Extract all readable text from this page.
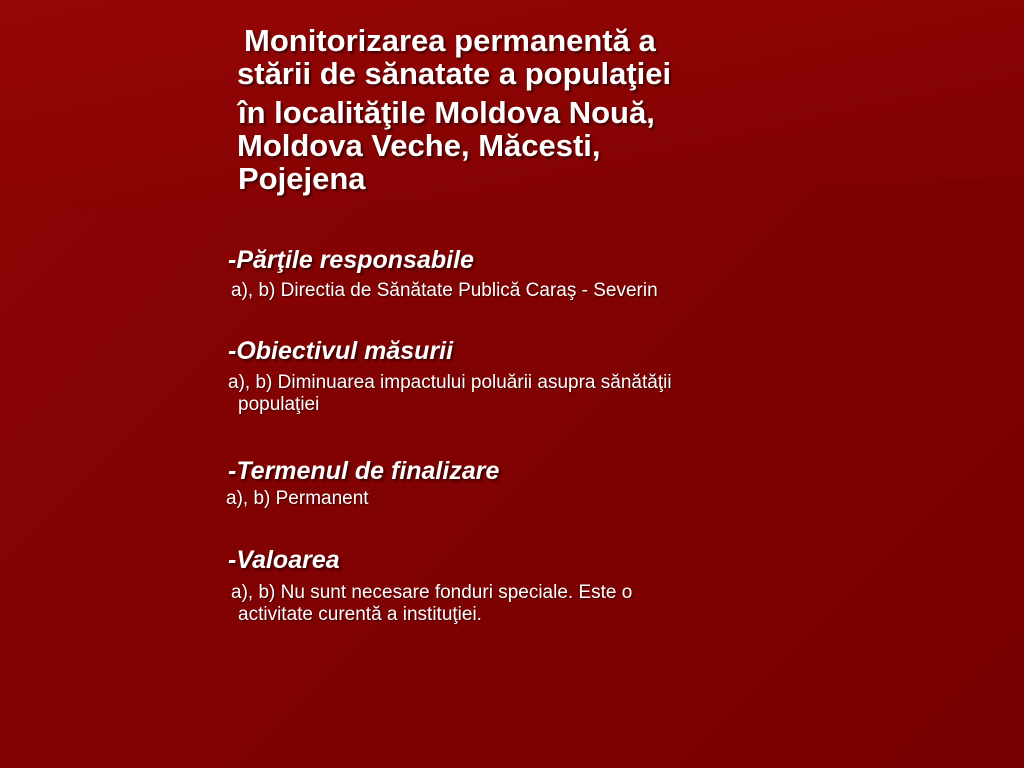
Monitorizarea permanentă a
stării de sănatate a populaţiei
în localităţile Moldova Nouă,
Moldova Veche, Măcesti,
Pojejena
-Părţile responsabile
a), b) Directia de Sănătate Publică Caraş - Severin
-Obiectivul măsurii
a), b) Diminuarea impactului poluării asupra sănătăţii
populaţiei
-Termenul de finalizare
a), b) Permanent
-Valoarea
a), b) Nu sunt necesare fonduri speciale. Este o
activitate curentă a instituţiei.
